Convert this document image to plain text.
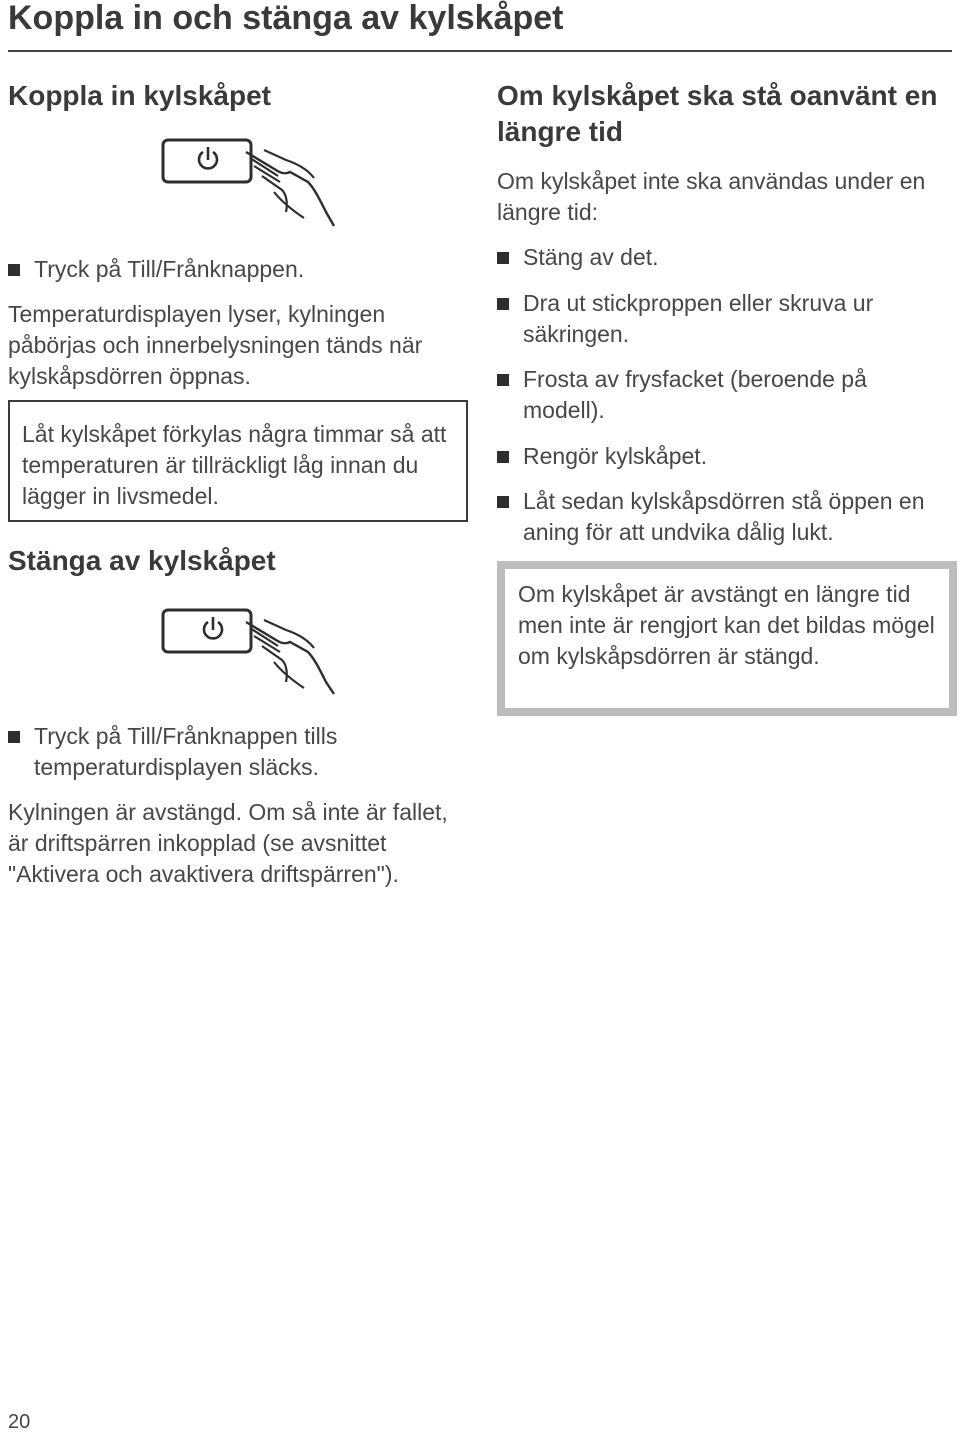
Koppla in och stänga av kylskåpet
Koppla in kylskåpet
Tryck på Till/Frånknappen.

Temperaturdisplayen lyser, kylningen påbörjas och innerbelysningen tänds när kylskåpsdörren öppnas.

Låt kylskåpet förkylas några timmar så att temperaturen är tillräckligt låg innan du lägger in livsmedel.

Stänga av kylskåpet
Tryck på Till/Frånknappen tills temperaturdisplayen släcks.

Kylningen är avstängd. Om så inte är fallet, är driftspärren inkopplad (se avsnittet "Aktivera och avaktivera driftspärren").

Om kylskåpet ska stå oanvänt en längre tid

Om kylskåpet inte ska användas under en längre tid:

Stäng av det.
Dra ut stickproppen eller skruva ur säkringen.
Frosta av frysfacket (beroende på modell).
Rengör kylskåpet.
Låt sedan kylskåpsdörren stå öppen en aning för att undvika dålig lukt.

Om kylskåpet är avstängt en längre tid men inte är rengjort kan det bildas mögel om kylskåpsdörren är stängd.

20
